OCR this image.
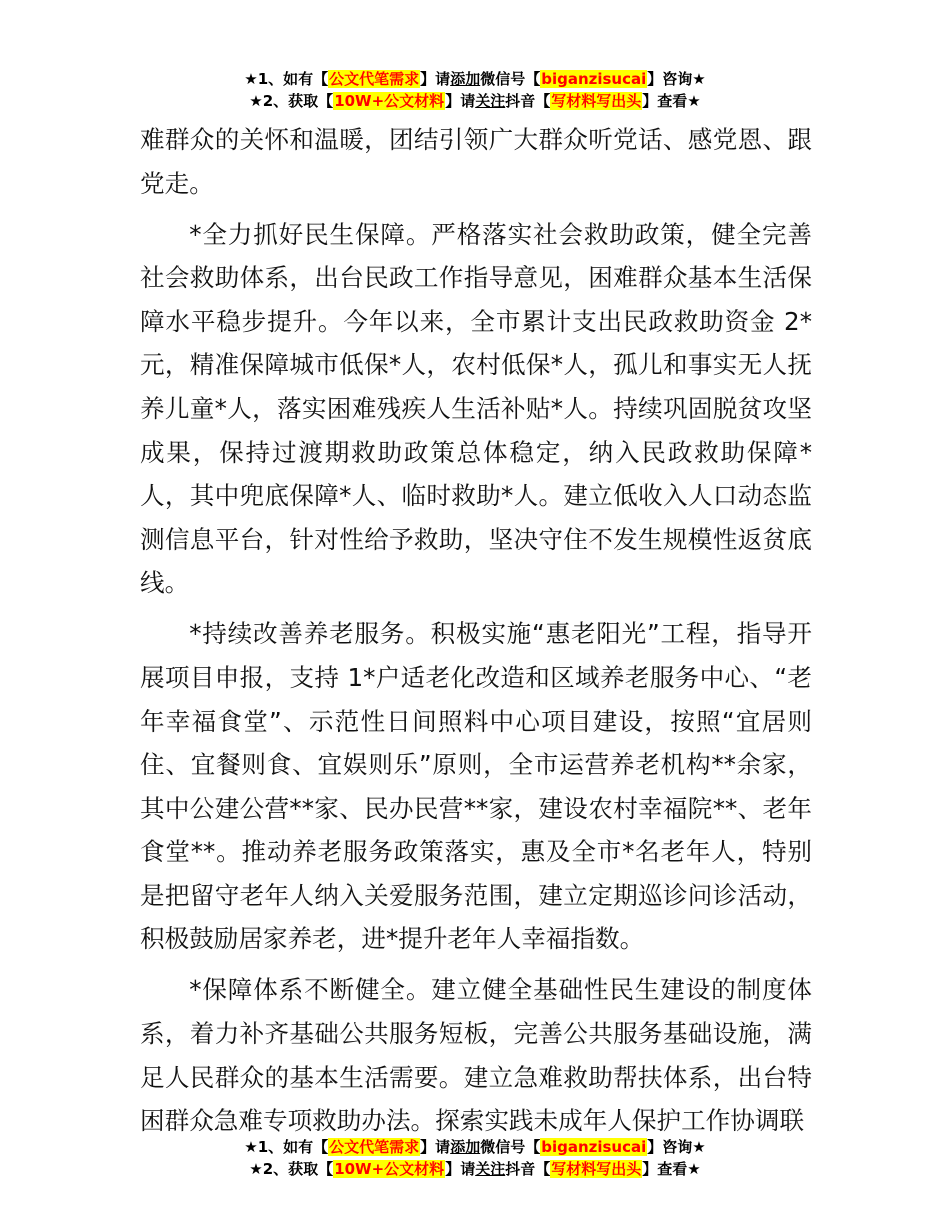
★1、如有【公文代笔需求】请添加微信号【biganzisucai】咨询★
★2、获取【10W+公文材料】请关注抖音【写材料写出头】查看★

难群众的关怀和温暖，团结引领广大群众听党话、感党恩、跟党走。

*全力抓好民生保障。严格落实社会救助政策，健全完善社会救助体系，出台民政工作指导意见，困难群众基本生活保障水平稳步提升。今年以来，全市累计支出民政救助资金 2*元，精准保障城市低保*人，农村低保*人，孤儿和事实无人抚养儿童*人，落实困难残疾人生活补贴*人。持续巩固脱贫攻坚成果，保持过渡期救助政策总体稳定，纳入民政救助保障*人，其中兜底保障*人、临时救助*人。建立低收入人口动态监测信息平台，针对性给予救助，坚决守住不发生规模性返贫底线。

*持续改善养老服务。积极实施“惠老阳光”工程，指导开展项目申报，支持 1*户适老化改造和区域养老服务中心、“老年幸福食堂”、示范性日间照料中心项目建设，按照“宜居则住、宜餐则食、宜娱则乐”原则，全市运营养老机构**余家，其中公建公营**家、民办民营**家，建设农村幸福院**、老年食堂**。推动养老服务政策落实，惠及全市*名老年人，特别是把留守老年人纳入关爱服务范围，建立定期巡诊问诊活动，积极鼓励居家养老，进*提升老年人幸福指数。

*保障体系不断健全。建立健全基础性民生建设的制度体系，着力补齐基础公共服务短板，完善公共服务基础设施，满足人民群众的基本生活需要。建立急难救助帮扶体系，出台特困群众急难专项救助办法。探索实践未成年人保护工作协调联

★1、如有【公文代笔需求】请添加微信号【biganzisucai】咨询★
★2、获取【10W+公文材料】请关注抖音【写材料写出头】查看★
